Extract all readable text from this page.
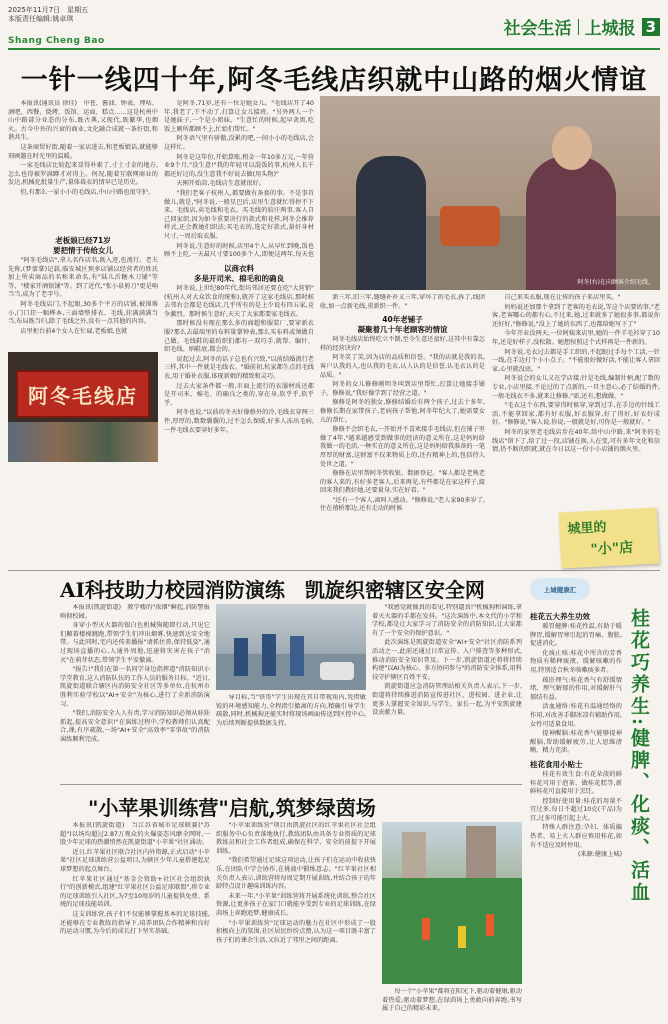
2025年11月7日　星期五
本版责任编辑:姚卓琪
Shang Cheng Bao
社会生活 上城报 3
一针一线四十年,阿冬毛线店织就中山路的烟火情谊

本报讯(通讯员 徐佳)　中苍、酱油、钟表、理咕、酒吧、西餐、烧烤、饭馆、运面、糕点……这是杭州中山中路部分业态的分布,既古典,又现代,既繁华,也烟火。古今中外的兴衰的商业,文化融合成就一条好街,和谐共生。

这条商贸好街,随着一家店进去,和老板娘话,就能够刻画题在时光里的温暖。

一家毛线店比较起来显得朴素了,寸土寸金的地方,怎么也得被罗满蹲才对得上。何况,随着互联网商业的发达,机械化批量生产,量体裁衣的情早已是历史。

但,有那么一家小小的毛线店,中山中路也很守护。

老板娘已经71岁
要把情于传给女儿

"阿冬毛线店",拿人名作店名,既入迹,也流行。老夫先称,(梦蒙掌)记载,临安城区预多店铺以经营者的姓氏加上所卖商品的名称来命名,有"陆儿沂糖木刀铺"等等、"楼家开酒银铺"等。到了近代,"张小泉剪刀"更是响当当,成为了老字号。

阿冬毛线店门,不起眼,30多个平方的店铺,被围堆小,门口挂一幅桦本,三面墙整排衣、毛线,挂满满满当当,布局既当归,除了毛线之外,没有一点其他的内容。

店里柜台前4个女人在忙碌,老板娘,也就

阿冬毛线店

是阿冬,71岁,还有一位是她女儿。"毛线店开了40年,我老了,干不动了,打算让女儿接班。"另外两人一个是她妹子,一个是小姐妹。"生意忙的时候,起早贪黑,吃饭上厕所都顾不上,忙始们帮忙。"

阿冬语气里有骄傲,没累的吧,一间小小的毛线店,会这样忙。

阿冬是这年份,开始算账,租金一年10多万元,一年营业9个月,"没生意!"我的年轻可以混饭的事,杭州人长千都还好过的,没生意我不好说去做(用头物)"

天刚开始凉,毛线店生意就很好。

"我们老客子杭州人,都要做有条套的事。不是事首做儿,就是,"阿冬说,一般星巴后,店里生意就忙得停不下来。毛线店,卖毛线和毛衣。买毛线的较汗两事,客人自己回家织,因为如今重要决行的款式和花样,阿冬会推荐样式,还会教她们织法;买毛衣的,选定好款式,量好身材尺寸,一周后取衣服。

阿冬说,生意好的时候,店里4个人,从早忙到晚,饭也顾不上吃,一天最尺寸要100多个人,即便这两年,每天也

以商衣料
多是开司米、棉毛和的确良

阿冬说,上世纪80年代,街坊邻居还要在吃"大营销"(杭州人对大众饮食的统称),就开了这家毛线店,那时候去邻右会都是毛线店,几乎所有的是上少说有四五家,竞争激烈。那时候生意好,天天了大家都要家毛线衣。

那时候没有现在那么多的商超和服装厂,要穿新衣服?那么去最端里的布料量掌钟表,那么买布料或须做自己做。毛线鞋的最纺织们都有一双巧手,就帮、编针、织毛线、纳鞋底,都会的。

说起过去,阿冬的话子总也有兴致,"以前结婚流行老三样,其中一件就是毛线衣。"婚前初,杭家都生点的毛线衣,用于婚补衣服,体现新娘的精致和灵巧。

过去大家条件都一般,市面上流行的衣服材质还都是开司米、棉毛、的确良之类的,穿在身,软乎乎,软乎乎。

阿冬也说,"以前的冬天好像格外的冷,毛线衣穿两三件,厚厚的,数数囊囊的,过不怎么保暖,好多人冻出毛病,一件毛线衣要穿好多年。

阿冬(右)在向顾客介绍毛线。

新三年,旧三年,缝缝补补又三年,穿坏了的毛衣,拆了,线团收,加一点新毛线,重新织一件。"

40年老铺子
凝聚着几十年老顾客的情谊

阿冬毛线店始终吃立不倒,至今生意还蛮好,这其中有靠怎样的经营诀窍?

阿冬笑了笑,因为店的品质和信誉。"我的店就是我的名,客户认我的人,也认我的毛衣,认人认的是信誉,认毛衣认的是品质。"

阿冬的女儿修修刚明冬叫到店里帮忙,打算让她接手铺子。修修说,"我好像学到了经营之道。"

修修是阿冬的独女,修修结婚后有两个孩子,过去十多年,修修长期在家带孩子,老病孩子帮他,阿冬年纪大了,她需要女儿的帮忙。

修修不会织毛衣,一开始并不喜欢接手毛线店,但在铺子里做了4年,"越来越感受到做事的经济的意义所在,这是妈妈给我做一的毛活,一种实在的意义所在,这是妈妈给我准备的一笔厚厚的财富,这财富不仅来物质上的,还有精神上的,包括待人处世之道。"

修修在店里帮阿冬管收银、数据登记。"客人都是老熟老的客人来的,有好多老客人,后来再见,有些都是在家这样子,接回来我们教好她,还要量身,实在好看。"

"还有一个客人,离叫人感动。"修修说,"老人家90多岁了,住在禧桥那边,还有走动的时候

自己来买衣服,现在让传的孩子来店里买。"

妈妈说还加那个拿到了老客的毛衣说,等这个店要的事,"老客,老客哪心的都有心,不过来,她,过来就多了她很多事,都说你还好好,"修修说,"没上了她的东西了,也都给她写下了"

今年开业没两天,一位阿姨来店里,她的一件羊毛衫穿了10年,还是好样子,没松散。她想按照这个式样再是一件新的。

阿冬说,毛衣过去都是手工织的,不起眼过手每个工活,一针一线,在手边打个小小点子。"不能很好做好活,不能让客人拿回家,心里就没底。"

阿冬说会的女儿又在学店接,针是毛线,编制针柄,配了数的专业,小店里接,不论过的了点新的,一旦主意心,必了结婚的件,一般毛线衣不多,就来让修修,"需,还有,想做做。"

"毛衣这个东西,要穿得时候穿,穿到过手,在手边的针线工活,不能拿回家,都有好衣服,好衣服穿,好了得好,好衣好成好。"修修说,"客人说,你说,一般就是好,可你是一般就好。"

阿冬的家里老毛线店步在40年,给中山中路,来"阿冬的毛线店"留下了,给了过一段,店铺在换,人在变,可有多年文化和信情,仍不断的织就,就在今日以这一份小小店铺的烟火里。

城里的
"小"店
AI科技助力校园消防演练　凯旋织密辖区安全网

本报讯(凯旋街道)　教学楼的"浓烟"瞬起,消防警报响彻校园。

身穿小型灭火器的银白色机械狗随即行动,只见它们顺着楼梯跳跑,带领学生们冲出烟雾,快速到达安全地带。与此同时,宅内还传来播报"请抓住鼻,保持低姿",通过现场直播的心,人通外周地,迅速将灾害在孩子"消灭"在萌芽状态,带领学生平安撤离。

"报告!"我们在第一名同学身边指挥道"消防知识小学堂教育,这人消防队伍的工作人员的服务目标。"近日,凯旋街道联合辖区内消防安全社区等多单位,在杭州市胜利实验学校以"AI+安全"为核心,进行了全新消防演习。

"我们,消防安全人人有责,学习消防知识必须从娃娃抓起,提高安全意识!"在演练过程中,学校教师们认真配合,课,有序疏散,一场"AI+安全"高效率"零事故"的消防演练顺利完成。

导目标,当"铁哥"学生出现在其自带视角内,凭借敏锐的环境感知能力,全程指引撤离的方向,精确引导学生疏散,同时,机械狗还能实时将现场画面传送到区控中心,为后续判断提供数据支持。

"我感觉就像真的看见,特别逼真!"机械狗和演练,拿着灭火器的手都在发抖。"这次演练中,本文代的小学和学校,都是让大家学习了消防安全的消防知识,让大家都有了一个安全的保护意识。"

此次演练是凯旋街道安全"AI+安全"社区消防系列活动之一,此前还通过日常宣传、入户排查等多种形式,推动消防安全知识普及。下一步,凯旋街道还将将持续构建"以AI为核心、多方协同参与"的消防安全体系,用科技守护辖区百姓平安。

凯旋街道应急消防管理站相关负责人表示,下一步,街道将持续推进消防宣传进社区、进校园、进企业,让更多人掌握安全知识,与学生、家长一起,为平安凯旋建设贡献力量。

"小苹果训练营"启航,筑梦绿茵场

本报讯(凯旋街道)　当江苏省城市足球联赛("苏超")以场均超过2.87万观众的火爆姿态风靡全网时,一股少年足球的热潮悄然在凯旋街道"小苹果"社区涌动。

近日,红苹果社区联合社区内外资源,正式启动"小苹果"社区足球训练营公益项目,为辖区少年儿童搭建起足球梦想的起点舞台。

红苹果社区通过"基金会资助+社区社会组织执行"的创新模式,组建"红苹果社区公益足球联盟",将专业的足球训练引入社区,为7至10周岁的儿童提供免费、系统的足球技能培训。

这支训练营,孩子们不仅能够掌握基本的足球技能,还能够在专业教练的指导下,培养团队合作精神和良好的运动习惯,为今后的成长打下坚实基础。

"小苹果训练营"项目由凯旋社区的红苹果社区社会组织服务中心负责落地执行,教练团队由具备专业资质的足球教练员和社会工作者组成,确保在科学、安全的前提下开展训练。

"我们希望通过足球这项运动,让孩子们在运动中收获快乐,在团队中学会协作,在挑战中锻炼意志。"红苹果社区相关负责人表示,训练营将每周定期开展训练,并结合孩子的年龄特点设计趣味训练内容。

未来一年,"小苹果"训练营将开展系统化训练,整合社区资源,让更多孩子在家门口就能享受到专业的足球训练,在绿茵场上奔跑追梦,健康成长。

"小苹果训练营"足球运动的魅力在社区中形成了一股积极向上的氛围,社区居民纷纷点赞,认为这一项目既丰富了孩子们的课余生活,又拉近了邻里之间的距离。

每一个"小苹果"都将在阳光下,驱动着健康,驱动着热爱,驱动着梦想,在绿茵场上勇敢向前奔跑,书写属于自己的精彩未来。

上城健康汇
桂花巧养生:健脾、化痰、活血

桂花五大养生功效

暖胃健脾:桂花性温,有助于暖脾胃,缓解胃寒引起的胃痛、腹胀,促进消化。

化痰止咳:桂花中所含的芳香物质有稀释痰液、缓解咳嗽的作用,特别适合秋冬咳嗽痰多者。

疏肝理气:桂花香气有舒缓情绪、理气解郁的作用,对缓解肝气郁结有益。

活血通络:桂花有温通经络的作用,对改善手脚冰凉有辅助作用,女性可适量食用。

提神醒脑:桂花香气能够提神醒脑,帮助缓解疲劳,让人思维清晰、精力充沛。

桂花食用小贴士

桂花有效生食:有花朵淡的鲜桂花可用于泡茶、做桂花糕等,新鲜桂花可直接用于烹饪。

控制好使用量:桂花的用量不宜过多,每日不超过10克(干品)为宜,过多可能引起上火。

特殊人群注意:孕妇、体质偏热者、易上火人群应慎用桂花,如有不适应及时停用。

(来源:健康上城)
